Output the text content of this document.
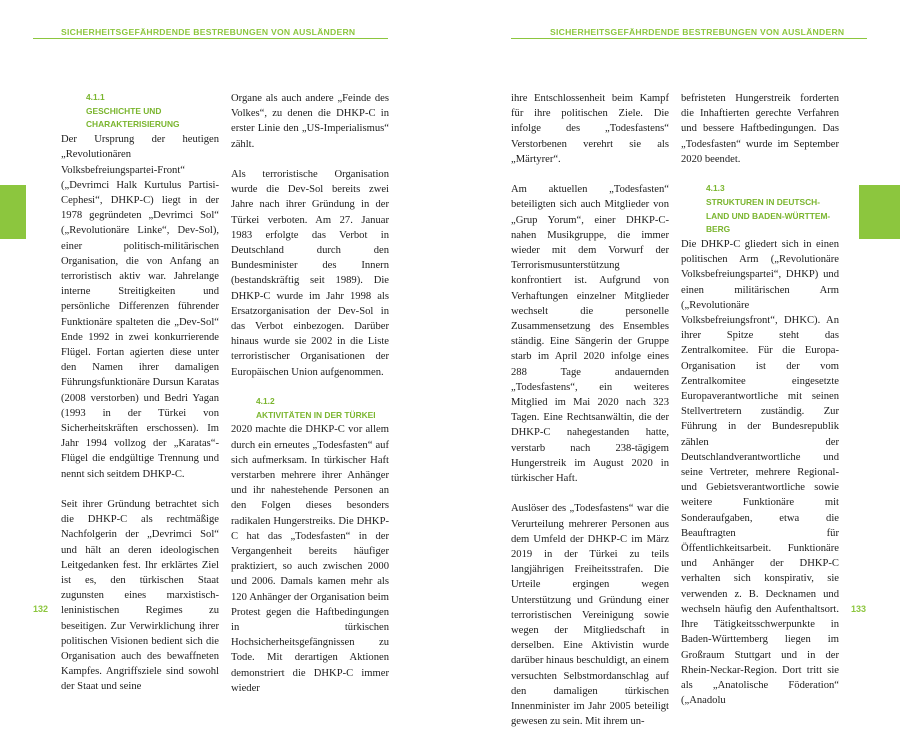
SICHERHEITSGEFÄHRDENDE BESTREBUNGEN VON AUSLÄNDERN	SICHERHEITSGEFÄHRDENDE BESTREBUNGEN VON AUSLÄNDERN
4.1.1
GESCHICHTE UND CHARAKTERISIERUNG

Der Ursprung der heutigen „Revolutionären Volksbefreiungspartei-Front“ („Devrimci Halk Kurtulus Partisi-Cephesi“, DHKP-C) liegt in der 1978 gegründeten „Devrimci Sol“ („Revolutionäre Linke“, Dev-Sol), einer politisch-militärischen Organisation, die von Anfang an terroristisch aktiv war. Jahrelange interne Streitigkeiten und persönliche Differenzen führender Funktionäre spalteten die „Dev-Sol“ Ende 1992 in zwei konkurrierende Flügel. Fortan agierten diese unter den Namen ihrer damaligen Führungsfunktionäre Dursun Karatas (2008 verstorben) und Bedri Yagan (1993 in der Türkei von Sicherheitskräften erschossen). Im Jahr 1994 vollzog der „Karatas“-Flügel die endgültige Trennung und nennt sich seitdem DHKP-C.

Seit ihrer Gründung betrachtet sich die DHKP-C als rechtmäßige Nachfolgerin der „Devrimci Sol“ und hält an deren ideologischen Leitgedanken fest. Ihr erklärtes Ziel ist es, den türkischen Staat zugunsten eines marxistisch-leninistischen Regimes zu beseitigen. Zur Verwirklichung ihrer politischen Visionen bedient sich die Organisation auch des bewaffneten Kampfes. Angriffsziele sind sowohl der Staat und seine

Organe als auch andere „Feinde des Volkes“, zu denen die DHKP-C in erster Linie den „US-Imperialismus“ zählt.

Als terroristische Organisation wurde die Dev-Sol bereits zwei Jahre nach ihrer Gründung in der Türkei verboten. Am 27. Januar 1983 erfolgte das Verbot in Deutschland durch den Bundesminister des Innern (bestandskräftig seit 1989). Die DHKP-C wurde im Jahr 1998 als Ersatzorganisation der Dev-Sol in das Verbot einbezogen. Darüber hinaus wurde sie 2002 in die Liste terroristischer Organisationen der Europäischen Union aufgenommen.

4.1.2
AKTIVITÄTEN IN DER TÜRKEI

2020 machte die DHKP-C vor allem durch ein erneutes „Todesfasten“ auf sich aufmerksam. In türkischer Haft verstarben mehrere ihrer Anhänger und ihr nahestehende Personen an den Folgen dieses besonders radikalen Hungerstreiks. Die DHKP-C hat das „Todesfasten“ in der Vergangenheit bereits häufiger praktiziert, so auch zwischen 2000 und 2006. Damals kamen mehr als 120 Anhänger der Organisation beim Protest gegen die Haftbedingungen in türkischen Hochsicherheitsgefängnissen zu Tode. Mit derartigen Aktionen demonstriert die DHKP-C immer wieder

ihre Entschlossenheit beim Kampf für ihre politischen Ziele. Die infolge des „Todesfastens“ Verstorbenen verehrt sie als „Märtyrer“.

Am aktuellen „Todesfasten“ beteiligten sich auch Mitglieder von „Grup Yorum“, einer DHKP-C-nahen Musikgruppe, die immer wieder mit dem Vorwurf der Terrorismusunterstützung konfrontiert ist. Aufgrund von Verhaftungen einzelner Mitglieder wechselt die personelle Zusammensetzung des Ensembles ständig. Eine Sängerin der Gruppe starb im April 2020 infolge eines 288 Tage andauernden „Todesfastens“, ein weiteres Mitglied im Mai 2020 nach 323 Tagen. Eine Rechtsanwältin, die der DHKP-C nahegestanden hatte, verstarb nach 238-tägigem Hungerstreik im August 2020 in türkischer Haft.

Auslöser des „Todesfastens“ war die Verurteilung mehrerer Personen aus dem Umfeld der DHKP-C im März 2019 in der Türkei zu teils langjährigen Freiheitsstrafen. Die Urteile ergingen wegen Unterstützung und Gründung einer terroristischen Vereinigung sowie wegen der Mitgliedschaft in derselben. Eine Aktivistin wurde darüber hinaus beschuldigt, an einem versuchten Selbstmordanschlag auf den damaligen türkischen Innenminister im Jahr 2005 beteiligt gewesen zu sein. Mit ihrem un-

befristeten Hungerstreik forderten die Inhaftierten gerechte Verfahren und bessere Haftbedingungen. Das „Todesfasten“ wurde im September 2020 beendet.

4.1.3
STRUKTUREN IN DEUTSCH-LAND UND BADEN-WÜRTTEM-BERG

Die DHKP-C gliedert sich in einen politischen Arm („Revolutionäre Volksbefreiungspartei“, DHKP) und einen militärischen Arm („Revolutionäre Volksbefreiungsfront“, DHKC). An ihrer Spitze steht das Zentralkomitee. Für die Europa-Organisation ist der vom Zentralkomitee eingesetzte Europaverantwortliche mit seinen Stellvertretern zuständig. Zur Führung in der Bundesrepublik zählen der Deutschlandverantwortliche und seine Vertreter, mehrere Regional- und Gebietsverantwortliche sowie weitere Funktionäre mit Sonderaufgaben, etwa die Beauftragten für Öffentlichkeitsarbeit. Funktionäre und Anhänger der DHKP-C verhalten sich konspirativ, sie verwenden z. B. Decknamen und wechseln häufig den Aufenthaltsort. Ihre Tätigkeitsschwerpunkte in Baden-Württemberg liegen im Großraum Stuttgart und in der Rhein-Neckar-Region. Dort tritt sie als „Anatolische Föderation“ („Anadolu

132	133
